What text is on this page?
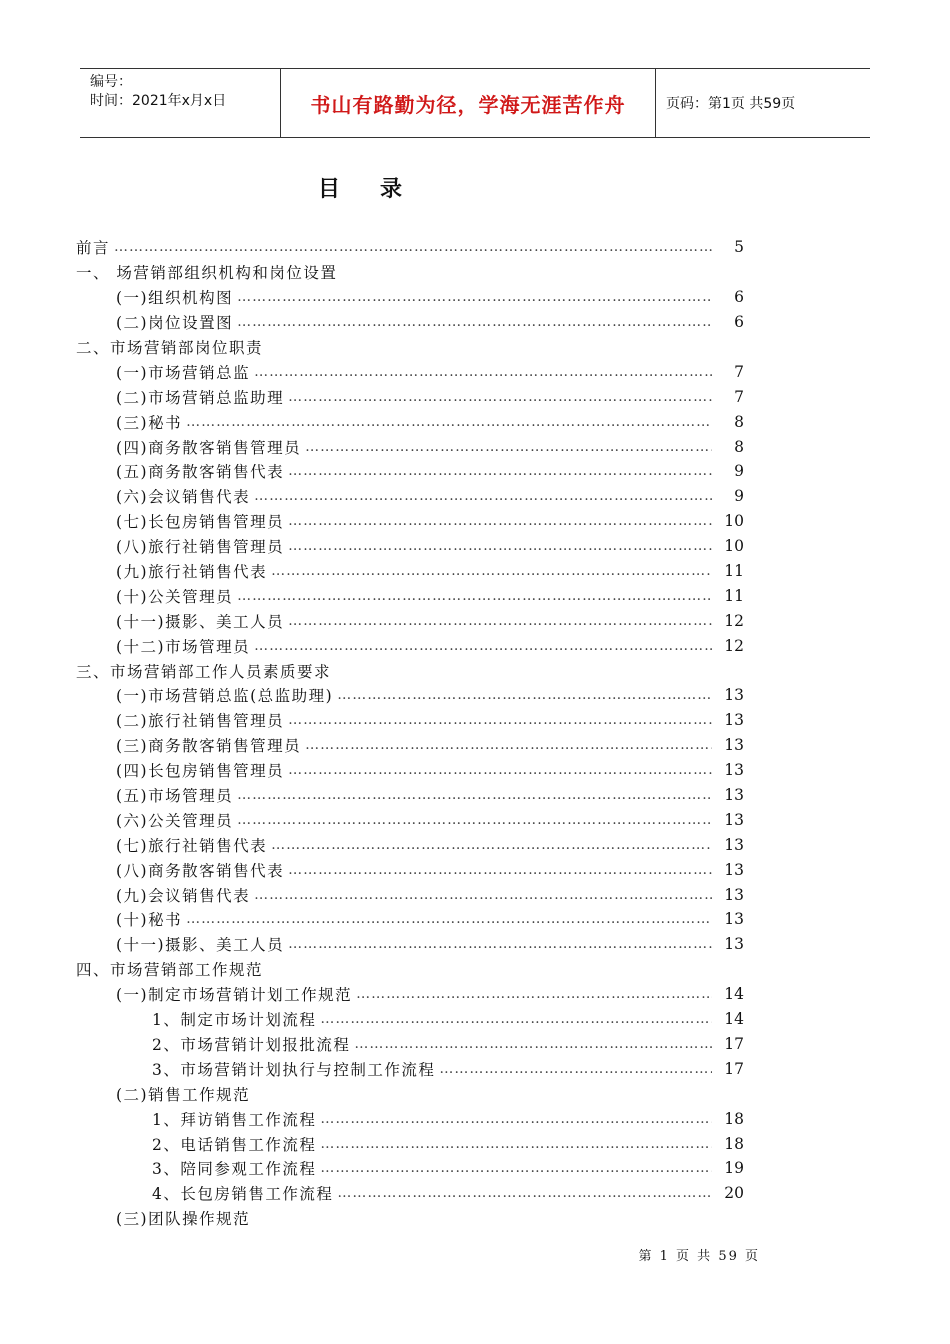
编号：
时间：2021年x月x日	书山有路勤为径，学海无涯苦作舟	页码：第1页 共59页
目录
前言 …………………………………………………………………………………………………………………………………………………………………………………………	5
一、 场营销部组织机构和岗位设置
(一)组织机构图 …………………………………………………………………………………………………………………………………………………………………………………………	6
(二)岗位设置图 …………………………………………………………………………………………………………………………………………………………………………………………	6
二、市场营销部岗位职责
(一)市场营销总监 …………………………………………………………………………………………………………………………………………………………………………………………	7
(二)市场营销总监助理 …………………………………………………………………………………………………………………………………………………………………………………………	7
(三)秘书 …………………………………………………………………………………………………………………………………………………………………………………………	8
(四)商务散客销售管理员 …………………………………………………………………………………………………………………………………………………………………………………………	8
(五)商务散客销售代表 …………………………………………………………………………………………………………………………………………………………………………………………	9
(六)会议销售代表 …………………………………………………………………………………………………………………………………………………………………………………………	9
(七)长包房销售管理员 …………………………………………………………………………………………………………………………………………………………………………………………	10
(八)旅行社销售管理员 …………………………………………………………………………………………………………………………………………………………………………………………	10
(九)旅行社销售代表 …………………………………………………………………………………………………………………………………………………………………………………………	11
(十)公关管理员 …………………………………………………………………………………………………………………………………………………………………………………………	11
(十一)摄影、美工人员 …………………………………………………………………………………………………………………………………………………………………………………………	12
(十二)市场管理员 …………………………………………………………………………………………………………………………………………………………………………………………	12
三、市场营销部工作人员素质要求
(一)市场营销总监(总监助理) …………………………………………………………………………………………………………………………………………………………………………………………	13
(二)旅行社销售管理员 …………………………………………………………………………………………………………………………………………………………………………………………	13
(三)商务散客销售管理员 …………………………………………………………………………………………………………………………………………………………………………………………	13
(四)长包房销售管理员 …………………………………………………………………………………………………………………………………………………………………………………………	13
(五)市场管理员 …………………………………………………………………………………………………………………………………………………………………………………………	13
(六)公关管理员 …………………………………………………………………………………………………………………………………………………………………………………………	13
(七)旅行社销售代表 …………………………………………………………………………………………………………………………………………………………………………………………	13
(八)商务散客销售代表 …………………………………………………………………………………………………………………………………………………………………………………………	13
(九)会议销售代表 …………………………………………………………………………………………………………………………………………………………………………………………	13
(十)秘书 …………………………………………………………………………………………………………………………………………………………………………………………	13
(十一)摄影、美工人员 …………………………………………………………………………………………………………………………………………………………………………………………	13
四、市场营销部工作规范
(一)制定市场营销计划工作规范 …………………………………………………………………………………………………………………………………………………………………………………………	14
1、制定市场计划流程 …………………………………………………………………………………………………………………………………………………………………………………………	14
2、市场营销计划报批流程 …………………………………………………………………………………………………………………………………………………………………………………………	17
3、市场营销计划执行与控制工作流程 …………………………………………………………………………………………………………………………………………………………………………………………	17
(二)销售工作规范
1、拜访销售工作流程 …………………………………………………………………………………………………………………………………………………………………………………………	18
2、电话销售工作流程 …………………………………………………………………………………………………………………………………………………………………………………………	18
3、陪同参观工作流程 …………………………………………………………………………………………………………………………………………………………………………………………	19
4、长包房销售工作流程 …………………………………………………………………………………………………………………………………………………………………………………………	20
(三)团队操作规范
第 1 页 共 59 页
